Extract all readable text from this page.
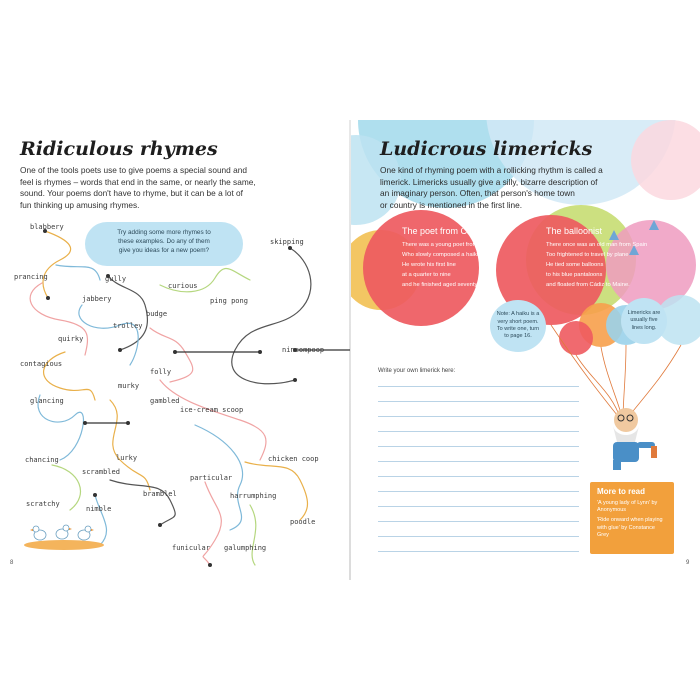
Ridiculous rhymes
One of the tools poets use to give poems a special sound and
feel is rhymes – words that end in the same, or nearly the same,
sound. Your poems don't have to rhyme, but it can be a lot of
fun thinking up amusing rhymes.
Try adding some more rhymes to
these examples. Do any of them
give you ideas for a new poem?
blabbery
prancing
jabbery
gully
curious
ping pong
skipping
quirky
trolley
budge
contagious
nincompoop
folly
murky
glancing	gambled
ice-cream scoop
chancing	lurky	chicken coop
scrambled
bramblel
particular
harrumphing
scratchy
nimble
poodle
funicular galumphing
8
Ludicrous limericks
One kind of rhyming poem with a rollicking rhythm is called a
limerick. Limericks usually give a silly, bizarre description of
an imaginary person. Often, that person's home town
or country is mentioned in the first line.
The poet from Crewe
There was a young poet from Crewe
Who slowly composed a haiku.
He wrote his first line
at a quarter to nine
and he finished aged seventy-two
The balloonist
There once was an old man from Spain
Too frightened to travel by plane
He tied some balloons
to his blue pantaloons
and floated from Cádiz to Maine.
Note: A haiku is a
very short poem.
To write one, turn
to page 16.
Limericks are
usually five
lines long.
Write your own limerick here:
More to read
'A young lady of Lynn' by Anonymous
'Ride onward when playing with glue' by Constance Grey
9
